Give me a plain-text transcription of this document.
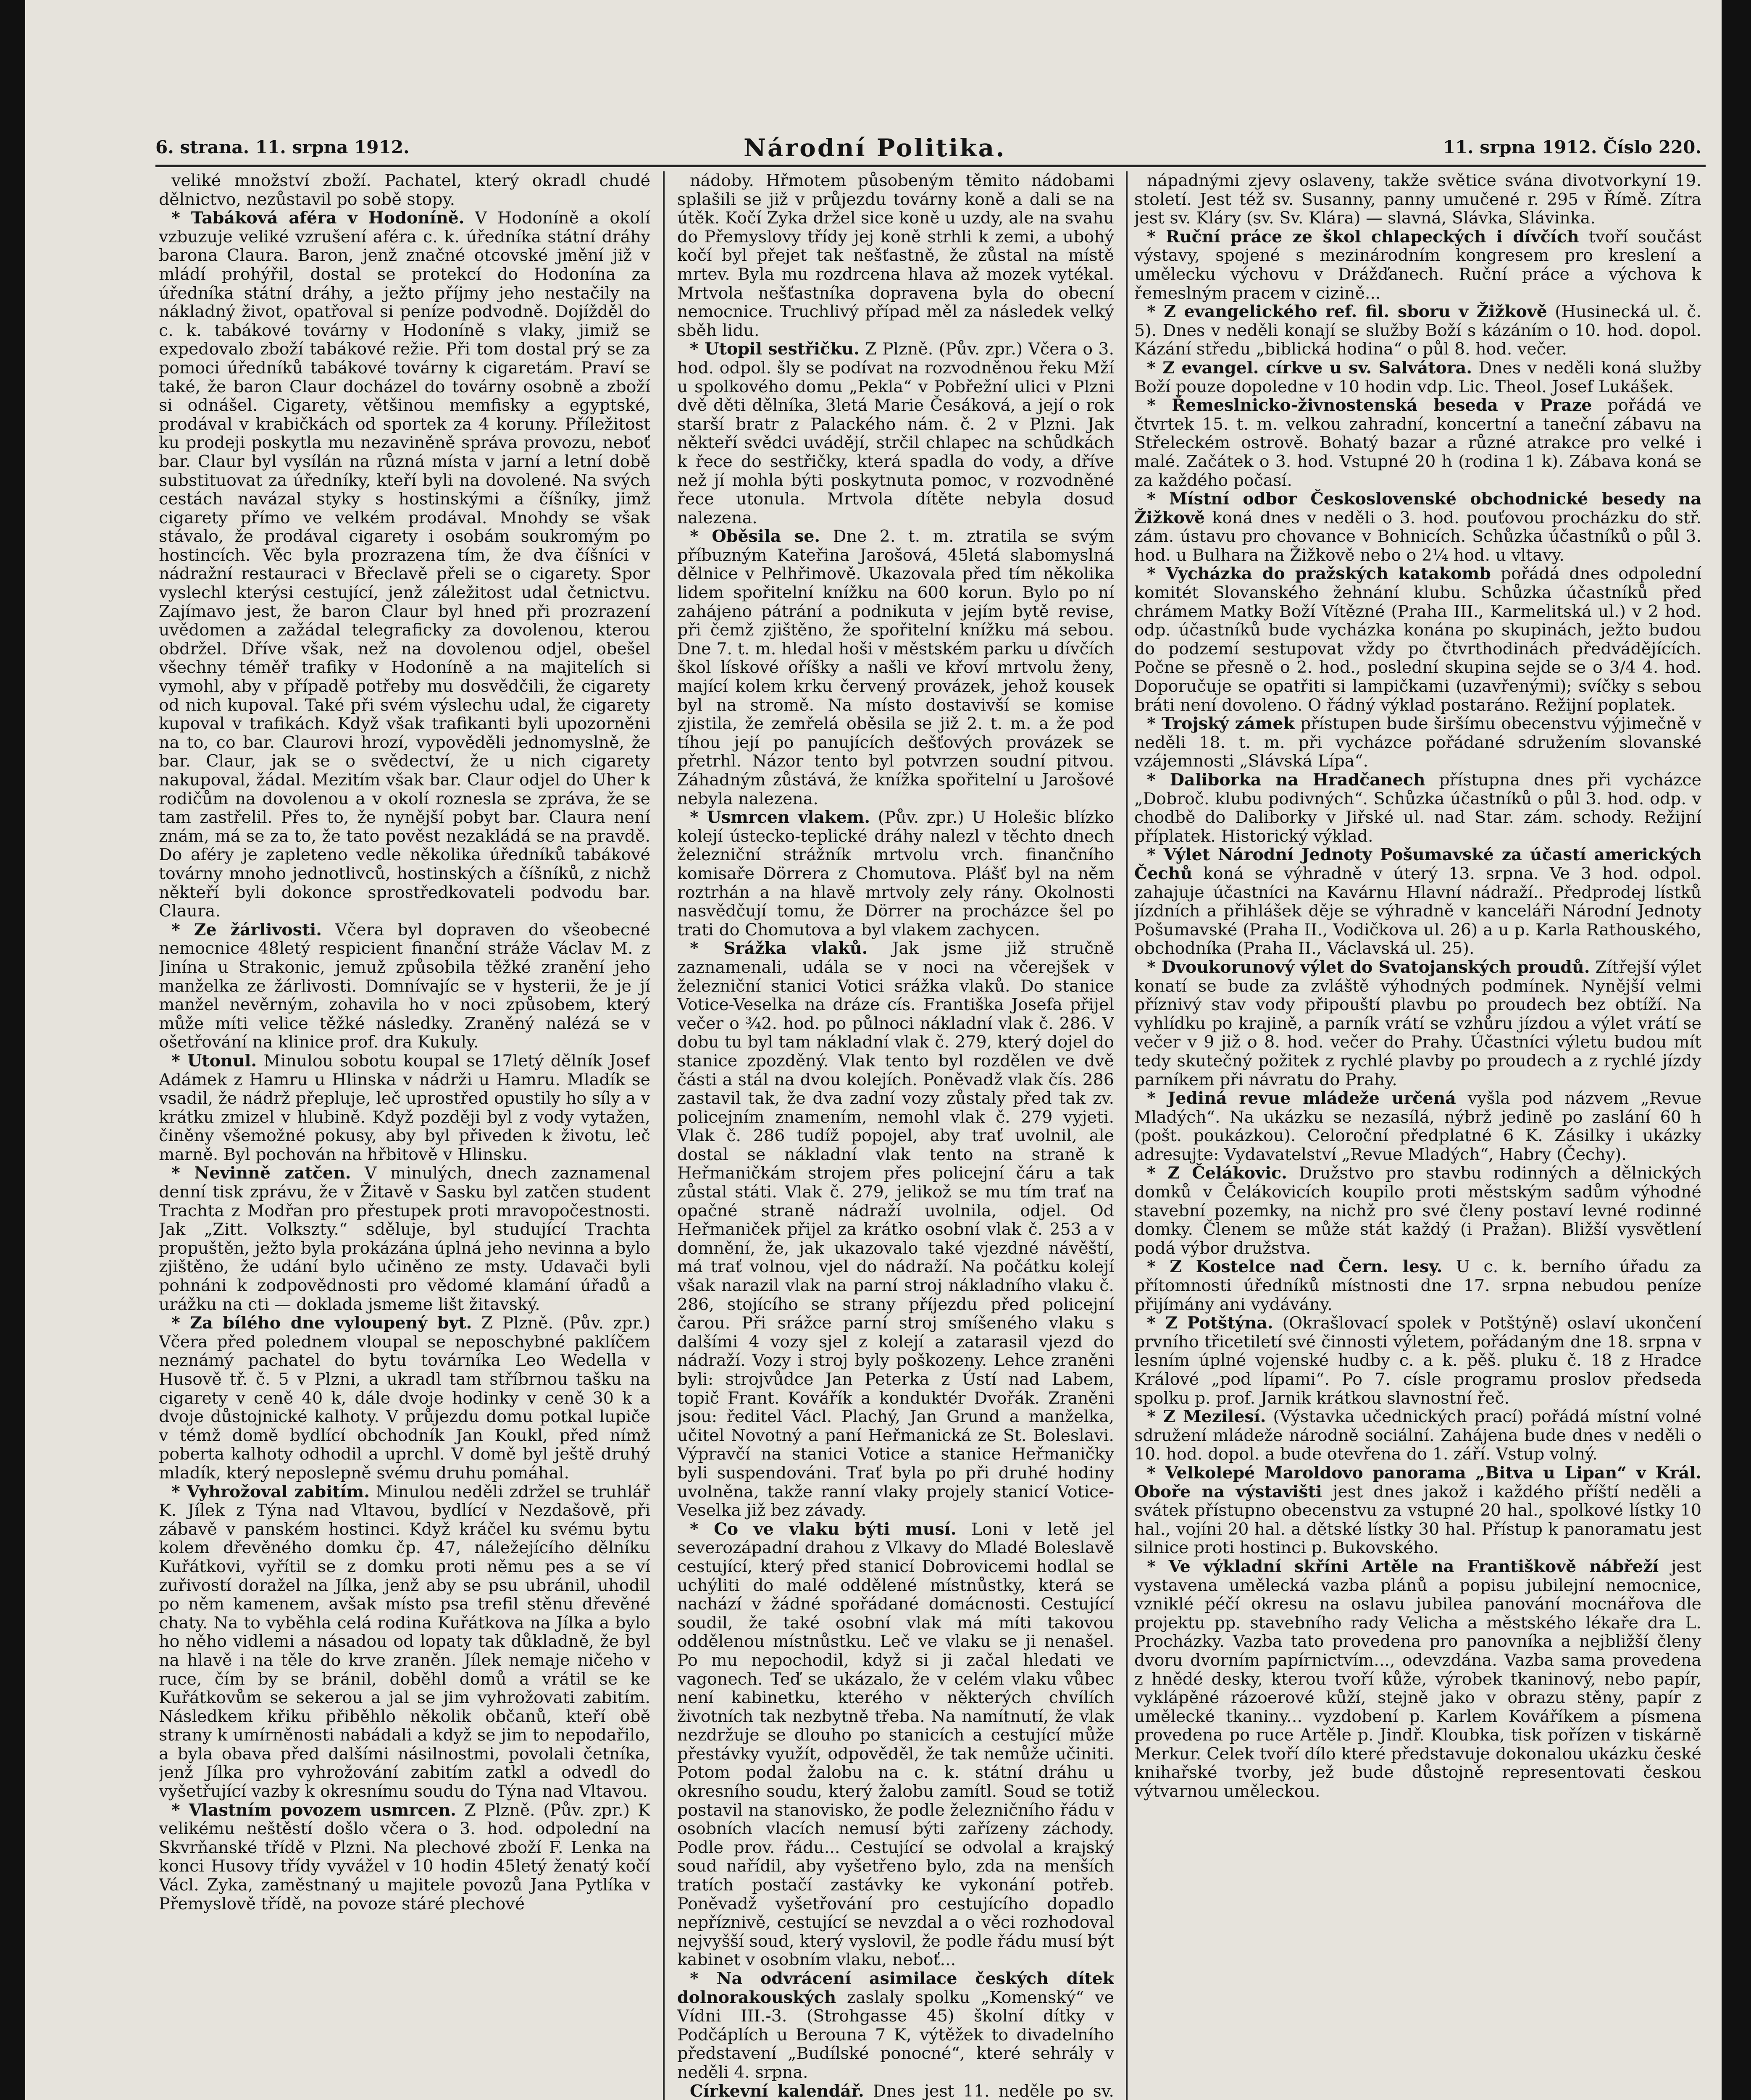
6. strana. 11. srpna 1912.	Národní Politika.	11. srpna 1912. Číslo 220.

veliké množství zboží. Pachatel, který okradl chudé dělnictvo, nezůstavil po sobě stopy.

* Tabáková aféra v Hodoníně. V Hodoníně a okolí vzbuzuje veliké vzrušení aféra c. k. úředníka státní dráhy barona Claura. Baron, jenž značné otcovské jmění již v mládí prohýřil, dostal se protekcí do Hodonína za úředníka státní dráhy, a ježto příjmy jeho nestačily na nákladný život, opatřoval si peníze podvodně. Dojížděl do c. k. tabákové továrny v Hodoníně s vlaky, jimiž se expedovalo zboží tabákové režie. Při tom dostal prý se za pomoci úředníků tabákové továrny k cigaretám. Praví se také, že baron Claur docházel do továrny osobně a zboží si odnášel. Cigarety, většinou memfisky a egyptské, prodával v krabičkách od sportek za 4 koruny. Příležitost ku prodeji poskytla mu nezaviněně správa provozu, neboť bar. Claur byl vysílán na různá místa v jarní a letní době substituovat za úředníky, kteří byli na dovolené. Na svých cestách navázal styky s hostinskými a číšníky, jimž cigarety přímo ve velkém prodával. Mnohdy se však stávalo, že prodával cigarety i osobám soukromým po hostincích. Věc byla prozrazena tím, že dva číšníci v nádražní restauraci v Břeclavě přeli se o cigarety. Spor vyslechl kterýsi cestující, jenž záležitost udal četnictvu. Zajímavo jest, že baron Claur byl hned při prozrazení uvědomen a zažádal telegraficky za dovolenou, kterou obdržel. Dříve však, než na dovolenou odjel, obešel všechny téměř trafiky v Hodoníně a na majitelích si vymohl, aby v případě potřeby mu dosvědčili, že cigarety od nich kupoval. Také při svém výslechu udal, že cigarety kupoval v trafikách. Když však trafikanti byli upozorněni na to, co bar. Claurovi hrozí, vypověděli jednomyslně, že bar. Claur, jak se o svědectví, že u nich cigarety nakupoval, žádal. Mezitím však bar. Claur odjel do Uher k rodičům na dovolenou a v okolí roznesla se zpráva, že se tam zastřelil. Přes to, že nynější pobyt bar. Claura není znám, má se za to, že tato pověst nezakládá se na pravdě. Do aféry je zapleteno vedle několika úředníků tabákové továrny mnoho jednotlivců, hostinských a číšníků, z nichž někteří byli dokonce sprostředkovateli podvodu bar. Claura.

* Ze žárlivosti. Včera byl dopraven do všeobecné nemocnice 48letý respicient finanční stráže Václav M. z Jinína u Strakonic, jemuž způsobila těžké zranění jeho manželka ze žárlivosti. Domnívajíc se v hysterii, že je jí manžel nevěrným, zohavila ho v noci způsobem, který může míti velice těžké následky. Zraněný nalézá se v ošetřování na klinice prof. dra Kukuly.

* Utonul. Minulou sobotu koupal se 17letý dělník Josef Adámek z Hamru u Hlinska v nádrži u Hamru. Mladík se vsadil, že nádrž přepluje, leč uprostřed opustily ho síly a v krátku zmizel v hlubině. Když později byl z vody vytažen, činěny všemožné pokusy, aby byl přiveden k životu, leč marně. Byl pochován na hřbitově v Hlinsku.

* Nevinně zatčen. V minulých, dnech zaznamenal denní tisk zprávu, že v Žitavě v Sasku byl zatčen student Trachta z Modřan pro přestupek proti mravopočestnosti. Jak „Zitt. Volkszty.“ sděluje, byl studující Trachta propuštěn, ježto byla prokázána úplná jeho nevinna a bylo zjištěno, že udání bylo učiněno ze msty. Udavači byli pohnáni k zodpovědnosti pro vědomé klamání úřadů a urážku na cti — doklada jsmeme lišt žitavský.

* Za bílého dne vyloupený byt. Z Plzně. (Pův. zpr.) Včera před polednem vloupal se neposchybné paklíčem neznámý pachatel do bytu továrníka Leo Wedella v Husově tř. č. 5 v Plzni, a ukradl tam stříbrnou tašku na cigarety v ceně 40 k, dále dvoje hodinky v ceně 30 k a dvoje důstojnické kalhoty. V průjezdu domu potkal lupiče v témž domě bydlící obchodník Jan Koukl, před nímž poberta kalhoty odhodil a uprchl. V domě byl ještě druhý mladík, který neposlepně svému druhu pomáhal.

* Vyhrožoval zabitím. Minulou neděli zdržel se truhlář K. Jílek z Týna nad Vltavou, bydlící v Nezdašově, při zábavě v panském hostinci. Když kráčel ku svému bytu kolem dřevěného domku čp. 47, náležejícího dělníku Kuřátkovi, vyřítil se z domku proti němu pes a se ví zuřivostí doražel na Jílka, jenž aby se psu ubránil, uhodil po něm kamenem, avšak místo psa trefil stěnu dřevěné chaty. Na to vyběhla celá rodina Kuřátkova na Jílka a bylo ho něho vidlemi a násadou od lopaty tak důkladně, že byl na hlavě i na těle do krve zraněn. Jílek nemaje ničeho v ruce, čím by se bránil, doběhl domů a vrátil se ke Kuřátkovům se sekerou a jal se jim vyhrožovati zabitím. Následkem křiku přiběhlo několik občanů, kteří obě strany k umírněnosti nabádali a když se jim to nepodařilo, a byla obava před dalšími násilnostmi, povolali četníka, jenž Jílka pro vyhrožování zabitím zatkl a odvedl do vyšetřující vazby k okresnímu soudu do Týna nad Vltavou.

* Vlastním povozem usmrcen. Z Plzně. (Pův. zpr.) K velikému neštěstí došlo včera o 3. hod. odpolední na Skvrňanské třídě v Plzni. Na plechové zboží F. Lenka na konci Husovy třídy vyvážel v 10 hodin 45letý ženatý kočí Václ. Zyka, zaměstnaný u majitele povozů Jana Pytlíka v Přemyslově třídě, na povoze stáré plechové

nádoby. Hřmotem působeným těmito nádobami splašili se již v průjezdu továrny koně a dali se na útěk. Kočí Zyka držel sice koně u uzdy, ale na svahu do Přemyslovy třídy jej koně strhli k zemi, a ubohý kočí byl přejet tak nešťastně, že zůstal na místě mrtev. Byla mu rozdrcena hlava až mozek vytékal. Mrtvola nešťastníka dopravena byla do obecní nemocnice. Truchlivý případ měl za následek velký sběh lidu.

* Utopil sestřičku. Z Plzně. (Pův. zpr.) Včera o 3. hod. odpol. šly se podívat na rozvodněnou řeku Mží u spolkového domu „Pekla“ v Pobřežní ulici v Plzni dvě děti dělníka, 3letá Marie Česáková, a její o rok starší bratr z Palackého nám. č. 2 v Plzni. Jak někteří svědci uvádějí, strčil chlapec na schůdkách k řece do sestřičky, která spadla do vody, a dříve než jí mohla býti poskytnuta pomoc, v rozvodněné řece utonula. Mrtvola dítěte nebyla dosud nalezena.

* Oběsila se. Dne 2. t. m. ztratila se svým příbuzným Kateřina Jarošová, 45letá slabomyslná dělnice v Pelhřimově. Ukazovala před tím několika lidem spořitelní knížku na 600 korun. Bylo po ní zahájeno pátrání a podnikuta v jejím bytě revise, při čemž zjištěno, že spořitelní knížku má sebou. Dne 7. t. m. hledal hoši v městském parku u dívčích škol lískové oříšky a našli ve křoví mrtvolu ženy, mající kolem krku červený provázek, jehož kousek byl na stromě. Na místo dostavivší se komise zjistila, že zemřelá oběsila se již 2. t. m. a že pod tíhou její po panujících dešťových provázek se přetrhl. Názor tento byl potvrzen soudní pitvou. Záhadným zůstává, že knížka spořitelní u Jarošové nebyla nalezena.

* Usmrcen vlakem. (Pův. zpr.) U Holešic blízko kolejí ústecko-teplické dráhy nalezl v těchto dnech železniční strážník mrtvolu vrch. finančního komisaře Dörrera z Chomutova. Plášť byl na něm roztrhán a na hlavě mrtvoly zely rány. Okolnosti nasvědčují tomu, že Dörrer na procházce šel po trati do Chomutova a byl vlakem zachycen.

* Srážka vlaků. Jak jsme již stručně zaznamenali, udála se v noci na včerejšek v železniční stanici Votici srážka vlaků. Do stanice Votice-Veselka na dráze cís. Františka Josefa přijel večer o ¾2. hod. po půlnoci nákladní vlak č. 286. V dobu tu byl tam nákladní vlak č. 279, který dojel do stanice zpozděný. Vlak tento byl rozdělen ve dvě části a stál na dvou kolejích. Poněvadž vlak čís. 286 zastavil tak, že dva zadní vozy zůstaly před tak zv. policejním znamením, nemohl vlak č. 279 vyjeti. Vlak č. 286 tudíž popojel, aby trať uvolnil, ale dostal se nákladní vlak tento na straně k Heřmaničkám strojem přes policejní čáru a tak zůstal státi. Vlak č. 279, jelikož se mu tím trať na opačné straně nádraží uvolnila, odjel. Od Heřmaniček přijel za krátko osobní vlak č. 253 a v domnění, že, jak ukazovalo také vjezdné návěští, má trať volnou, vjel do nádraží. Na počátku kolejí však narazil vlak na parní stroj nákladního vlaku č. 286, stojícího se strany příjezdu před policejní čarou. Při srážce parní stroj smíšeného vlaku s dalšími 4 vozy sjel z kolejí a zatarasil vjezd do nádraží. Vozy i stroj byly poškozeny. Lehce zraněni byli: strojvůdce Jan Peterka z Ústí nad Labem, topič Frant. Kovářík a konduktér Dvořák. Zraněni jsou: ředitel Václ. Plachý, Jan Grund a manželka, učitel Novotný a paní Heřmanická ze St. Boleslavi. Výpravčí na stanici Votice a stanice Heřmaničky byli suspendováni. Trať byla po při druhé hodiny uvolněna, takže ranní vlaky projely stanicí Votice-Veselka již bez závady.

* Co ve vlaku býti musí. Loni v letě jel severozápadní drahou z Vlkavy do Mladé Boleslavě cestující, který před stanicí Dobrovicemi hodlal se uchýliti do malé oddělené místnůstky, která se nachází v žádné spořádané domácnosti. Cestující soudil, že také osobní vlak má míti takovou oddělenou místnůstku. Leč ve vlaku se ji nenašel. Po mu nepochodil, když si ji začal hledati ve vagonech. Teď se ukázalo, že v celém vlaku vůbec není kabinetku, kterého v některých chvílích životních tak nezbytně třeba. Na namítnutí, že vlak nezdržuje se dlouho po stanicích a cestující může přestávky využít, odpověděl, že tak nemůže učiniti. Potom podal žalobu na c. k. státní dráhu u okresního soudu, který žalobu zamítl. Soud se totiž postavil na stanovisko, že podle železničního řádu v osobních vlacích nemusí býti zařízeny záchody. Podle prov. řádu... Cestující se odvolal a krajský soud nařídil, aby vyšetřeno bylo, zda na menších tratích postačí zastávky ke vykonání potřeb. Poněvadž vyšetřování pro cestujícího dopadlo nepříznivě, cestující se nevzdal a o věci rozhodoval nejvyšší soud, který vyslovil, že podle řádu musí být kabinet v osobním vlaku, neboť...

* Na odvrácení asimilace českých dítek dolnorakouských zaslaly spolku „Komenský“ ve Vídni III.-3. (Strohgasse 45) školní dítky v Podčáplích u Berouna 7 K, výtěžek to divadelního představení „Budílské ponocné“, které sehrály v neděli 4. srpna.

Církevní kalendář. Dnes jest 11. neděle po sv.

nápadnými zjevy oslaveny, takže světice svána divotvorkyní 19. století. Jest též sv. Susanny, panny umučené r. 295 v Římě. Zítra jest sv. Kláry (sv. Sv. Klára) — slavná, Slávka, Slávinka.

* Ruční práce ze škol chlapeckých i dívčích tvoří součást výstavy, spojené s mezinárodním kongresem pro kreslení a umělecku výchovu v Drážďanech. Ruční práce a výchova k řemeslným pracem v cizině...

* Z evangelického ref. fil. sboru v Žižkově (Husinecká ul. č. 5). Dnes v neděli konají se služby Boží s kázáním o 10. hod. dopol. Kázání středu „biblická hodina“ o půl 8. hod. večer.

* Z evangel. církve u sv. Salvátora. Dnes v neděli koná služby Boží pouze dopoledne v 10 hodin vdp. Lic. Theol. Josef Lukášek.

* Řemeslnicko-živnostenská beseda v Praze pořádá ve čtvrtek 15. t. m. velkou zahradní, koncertní a taneční zábavu na Střeleckém ostrově. Bohatý bazar a různé atrakce pro velké i malé. Začátek o 3. hod. Vstupné 20 h (rodina 1 k). Zábava koná se za každého počasí.

* Místní odbor Československé obchodnické besedy na Žižkově koná dnes v neděli o 3. hod. pouťovou procházku do stř. zám. ústavu pro chovance v Bohnicích. Schůzka účastníků o půl 3. hod. u Bulhara na Žižkově nebo o 2¼ hod. u vltavy.

* Vycházka do pražských katakomb pořádá dnes odpolední komitét Slovanského žehnání klubu. Schůzka účastníků před chrámem Matky Boží Vítězné (Praha III., Karmelitská ul.) v 2 hod. odp. účastníků bude vycházka konána po skupinách, ježto budou do podzemí sestupovat vždy po čtvrthodinách předvádějících. Počne se přesně o 2. hod., poslední skupina sejde se o 3/4 4. hod. Doporučuje se opatřiti si lampičkami (uzavřenými); svíčky s sebou bráti není dovoleno. O řádný výklad postaráno. Režijní poplatek.

* Trojský zámek přístupen bude širšímu obecenstvu výjimečně v neděli 18. t. m. při vycházce pořádané sdružením slovanské vzájemnosti „Slávská Lípa“.

* Daliborka na Hradčanech přístupna dnes při vycházce „Dobroč. klubu podivných“. Schůzka účastníků o půl 3. hod. odp. v chodbě do Daliborky v Jiřské ul. nad Star. zám. schody. Režijní příplatek. Historický výklad.

* Výlet Národní Jednoty Pošumavské za účastí amerických Čechů koná se výhradně v úterý 13. srpna. Ve 3 hod. odpol. zahajuje účastníci na Kavárnu Hlavní nádraží.. Předprodej lístků jízdních a přihlášek děje se výhradně v kanceláři Národní Jednoty Pošumavské (Praha II., Vodičkova ul. 26) a u p. Karla Rathouského, obchodníka (Praha II., Václavská ul. 25).

* Dvoukorunový výlet do Svatojanských proudů. Zítřejší výlet konatí se bude za zvláště výhodných podmínek. Nynější velmi příznivý stav vody připouští plavbu po proudech bez obtíží. Na vyhlídku po krajině, a parník vrátí se vzhůru jízdou a výlet vrátí se večer v 9 již o 8. hod. večer do Prahy. Účastníci výletu budou mít tedy skutečný požitek z rychlé plavby po proudech a z rychlé jízdy parníkem při návratu do Prahy.

* Jediná revue mládeže určená vyšla pod názvem „Revue Mladých“. Na ukázku se nezasílá, nýbrž jedině po zaslání 60 h (pošt. poukázkou). Celoroční předplatné 6 K. Zásilky i ukázky adresujte: Vydavatelství „Revue Mladých“, Habry (Čechy).

* Z Čelákovic. Družstvo pro stavbu rodinných a dělnických domků v Čelákovicích koupilo proti městským sadům výhodné stavební pozemky, na nichž pro své členy postaví levné rodinné domky. Členem se může stát každý (i Pražan). Bližší vysvětlení podá výbor družstva.

* Z Kostelce nad Čern. lesy. U c. k. berního úřadu za přítomnosti úředníků místnosti dne 17. srpna nebudou peníze přijímány ani vydávány.

* Z Potštýna. (Okrašlovací spolek v Potštýně) oslaví ukončení prvního třicetiletí své činnosti výletem, pořádaným dne 18. srpna v lesním úplné vojenské hudby c. a k. pěš. pluku č. 18 z Hradce Králové „pod lípami“. Po 7. císle programu proslov předseda spolku p. prof. Jarnik krátkou slavnostní řeč.

* Z Mezilesí. (Výstavka učednických prací) pořádá místní volné sdružení mládeže národně sociální. Zahájena bude dnes v neděli o 10. hod. dopol. a bude otevřena do 1. září. Vstup volný.

* Velkolepé Maroldovo panorama „Bitva u Lipan“ v Král. Oboře na výstavišti jest dnes jakož i každého příští neděli a svátek přístupno obecenstvu za vstupné 20 hal., spolkové lístky 10 hal., vojíni 20 hal. a dětské lístky 30 hal. Přístup k panoramatu jest silnice proti hostinci p. Bukovského.

* Ve výkladní skříni Artěle na Františkově nábřeží jest vystavena umělecká vazba plánů a popisu jubilejní nemocnice, vzniklé péčí okresu na oslavu jubilea panování mocnářova dle projektu pp. stavebního rady Velicha a městského lékaře dra L. Procházky. Vazba tato provedena pro panovníka a nejbližší členy dvoru dvorním papírnictvím..., odevzdána. Vazba sama provedena z hnědé desky, kterou tvoří kůže, výrobek tkaninový, nebo papír, vyklápěné rázoerové kůží, stejně jako v obrazu stěny, papír z umělecké tkaniny... vyzdobení p. Karlem Kováříkem a písmena provedena po ruce Artěle p. Jindř. Kloubka, tisk pořízen v tiskárně Merkur. Celek tvoří dílo které představuje dokonalou ukázku české knihařské tvorby, jež bude důstojně representovati českou výtvarnou uměleckou.
